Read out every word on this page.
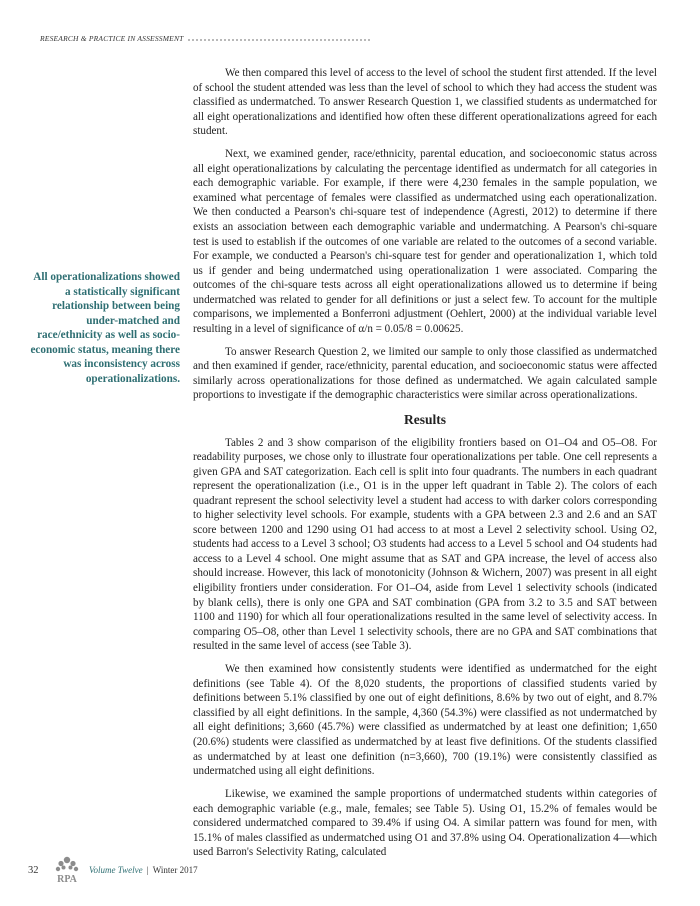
RESEARCH & PRACTICE IN ASSESSMENT
All operationalizations showed a statistically significant relationship between being under-matched and race/ethnicity as well as socio-economic status, meaning there was inconsistency across operationalizations.

We then compared this level of access to the level of school the student first attended. If the level of school the student attended was less than the level of school to which they had access the student was classified as undermatched. To answer Research Question 1, we classified students as undermatched for all eight operationalizations and identified how often these different operationalizations agreed for each student.

Next, we examined gender, race/ethnicity, parental education, and socioeconomic status across all eight operationalizations by calculating the percentage identified as undermatch for all categories in each demographic variable. For example, if there were 4,230 females in the sample population, we examined what percentage of females were classified as undermatched using each operationalization. We then conducted a Pearson's chi-square test of independence (Agresti, 2012) to determine if there exists an association between each demographic variable and undermatching. A Pearson's chi-square test is used to establish if the outcomes of one variable are related to the outcomes of a second variable. For example, we conducted a Pearson's chi-square test for gender and operationalization 1, which told us if gender and being undermatched using operationalization 1 were associated. Comparing the outcomes of the chi-square tests across all eight operationalizations allowed us to determine if being undermatched was related to gender for all definitions or just a select few. To account for the multiple comparisons, we implemented a Bonferroni adjustment (Oehlert, 2000) at the individual variable level resulting in a level of significance of α/n = 0.05/8 = 0.00625.

To answer Research Question 2, we limited our sample to only those classified as undermatched and then examined if gender, race/ethnicity, parental education, and socioeconomic status were affected similarly across operationalizations for those defined as undermatched. We again calculated sample proportions to investigate if the demographic characteristics were similar across operationalizations.

Results

Tables 2 and 3 show comparison of the eligibility frontiers based on O1–O4 and O5–O8. For readability purposes, we chose only to illustrate four operationalizations per table. One cell represents a given GPA and SAT categorization. Each cell is split into four quadrants. The numbers in each quadrant represent the operationalization (i.e., O1 is in the upper left quadrant in Table 2). The colors of each quadrant represent the school selectivity level a student had access to with darker colors corresponding to higher selectivity level schools. For example, students with a GPA between 2.3 and 2.6 and an SAT score between 1200 and 1290 using O1 had access to at most a Level 2 selectivity school. Using O2, students had access to a Level 3 school; O3 students had access to a Level 5 school and O4 students had access to a Level 4 school. One might assume that as SAT and GPA increase, the level of access also should increase. However, this lack of monotonicity (Johnson & Wichern, 2007) was present in all eight eligibility frontiers under consideration. For O1–O4, aside from Level 1 selectivity schools (indicated by blank cells), there is only one GPA and SAT combination (GPA from 3.2 to 3.5 and SAT between 1100 and 1190) for which all four operationalizations resulted in the same level of selectivity access. In comparing O5–O8, other than Level 1 selectivity schools, there are no GPA and SAT combinations that resulted in the same level of access (see Table 3).

We then examined how consistently students were identified as undermatched for the eight definitions (see Table 4). Of the 8,020 students, the proportions of classified students varied by definitions between 5.1% classified by one out of eight definitions, 8.6% by two out of eight, and 8.7% classified by all eight definitions. In the sample, 4,360 (54.3%) were classified as not undermatched by all eight definitions; 3,660 (45.7%) were classified as undermatched by at least one definition; 1,650 (20.6%) students were classified as undermatched by at least five definitions. Of the students classified as undermatched by at least one definition (n=3,660), 700 (19.1%) were consistently classified as undermatched using all eight definitions.

Likewise, we examined the sample proportions of undermatched students within categories of each demographic variable (e.g., male, females; see Table 5). Using O1, 15.2% of females would be considered undermatched compared to 39.4% if using O4. A similar pattern was found for men, with 15.1% of males classified as undermatched using O1 and 37.8% using O4. Operationalization 4—which used Barron's Selectivity Rating, calculated

32
RPA
Volume Twelve | Winter 2017
